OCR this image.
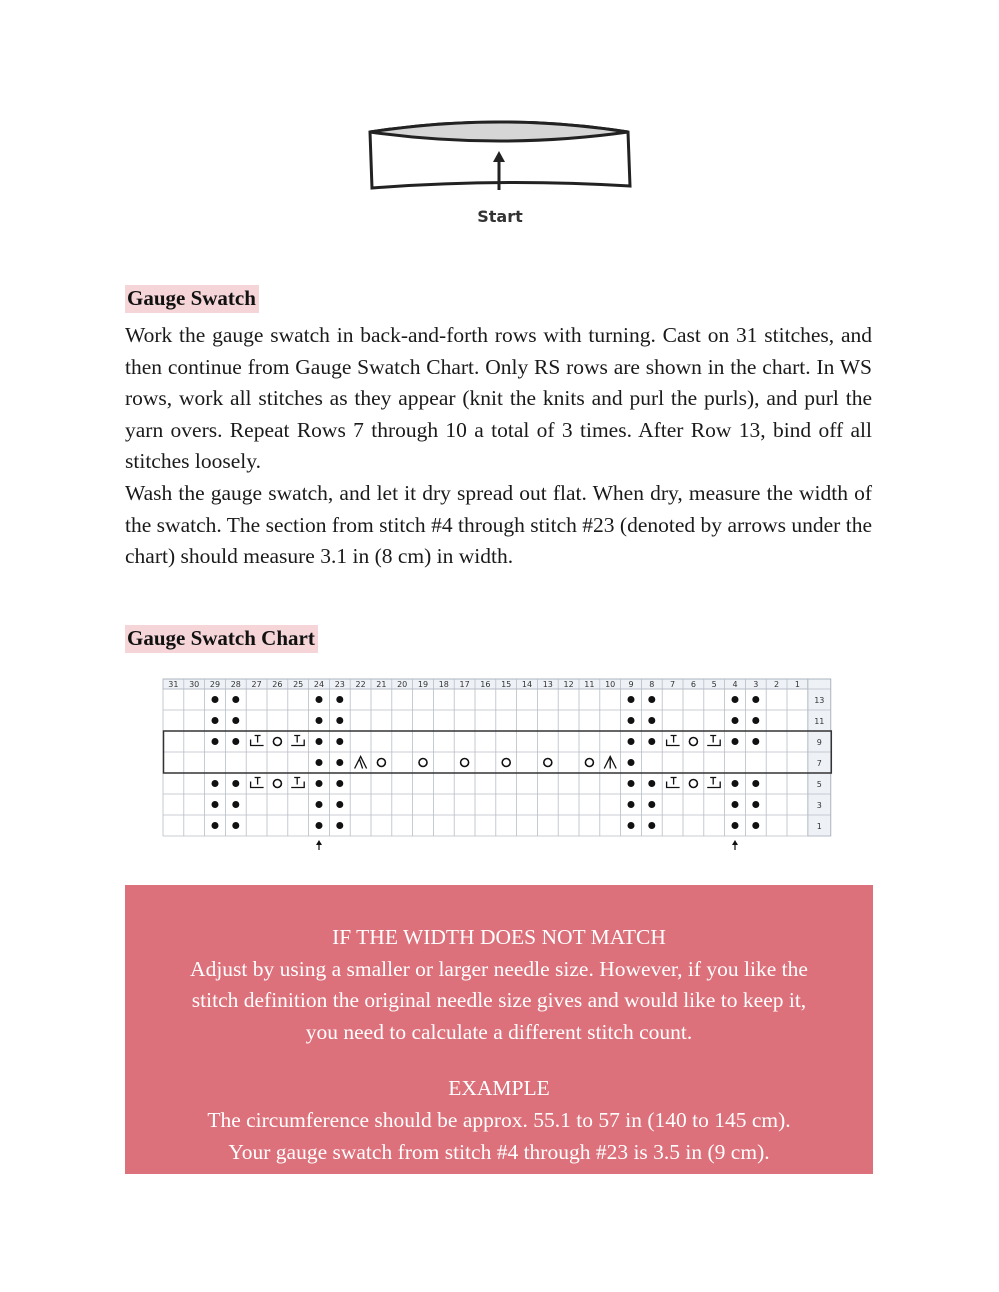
Start
Gauge Swatch

Work the gauge swatch in back-and-forth rows with turning. Cast on 31 stitches, and then continue from Gauge Swatch Chart. Only RS rows are shown in the chart. In WS rows, work all stitches as they appear (knit the knits and purl the purls), and purl the yarn overs. Repeat Rows 7 through 10 a total of 3 times. After Row 13, bind off all stitches loosely.

Wash the gauge swatch, and let it dry spread out flat. When dry, measure the width of the swatch. The section from stitch #4 through stitch #23 (denoted by arrows under the chart) should measure 3.1 in (8 cm) in width.

Gauge Swatch Chart
31 30 29 28 27 26 25 24 23 22 21 20 19 18 17 16 15 14 13 12 11 10 9 8 7 6 5 4 3 2 1
13
11
9
7
5
3
1
IF THE WIDTH DOES NOT MATCH
Adjust by using a smaller or larger needle size. However, if you like the
stitch definition the original needle size gives and would like to keep it,
you need to calculate a different stitch count.
EXAMPLE
The circumference should be approx. 55.1 to 57 in (140 to 145 cm).
Your gauge swatch from stitch #4 through #23 is 3.5 in (9 cm).
